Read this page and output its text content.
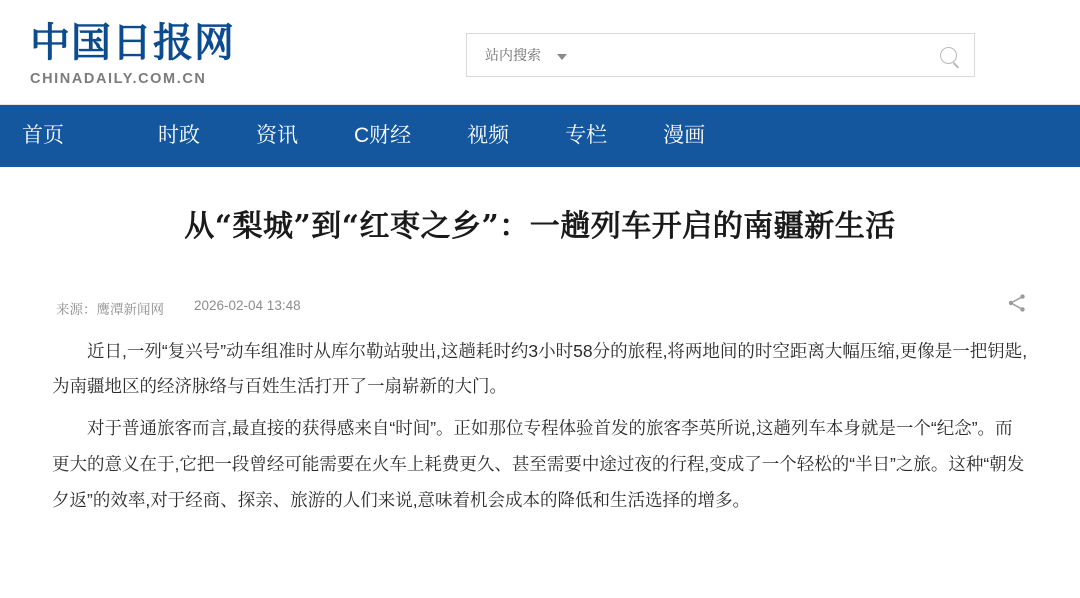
中国日报网
CHINADAILY.COM.CN
站内搜索
首页	时政	资讯	C财经	视频	专栏	漫画
从“梨城”到“红枣之乡”：一趟列车开启的南疆新生活
来源：鹰潭新闻网 2026-02-04 13:48

近日,一列“复兴号”动车组准时从库尔勒站驶出,这趟耗时约3小时58分的旅程,将两地间的时空距离大幅压缩,更像是一把钥匙,为南疆地区的经济脉络与百姓生活打开了一扇崭新的大门。

对于普通旅客而言,最直接的获得感来自“时间”。正如那位专程体验首发的旅客李英所说,这趟列车本身就是一个“纪念”。而更大的意义在于,它把一段曾经可能需要在火车上耗费更久、甚至需要中途过夜的行程,变成了一个轻松的“半日”之旅。这种“朝发夕返”的效率,对于经商、探亲、旅游的人们来说,意味着机会成本的降低和生活选择的增多。
